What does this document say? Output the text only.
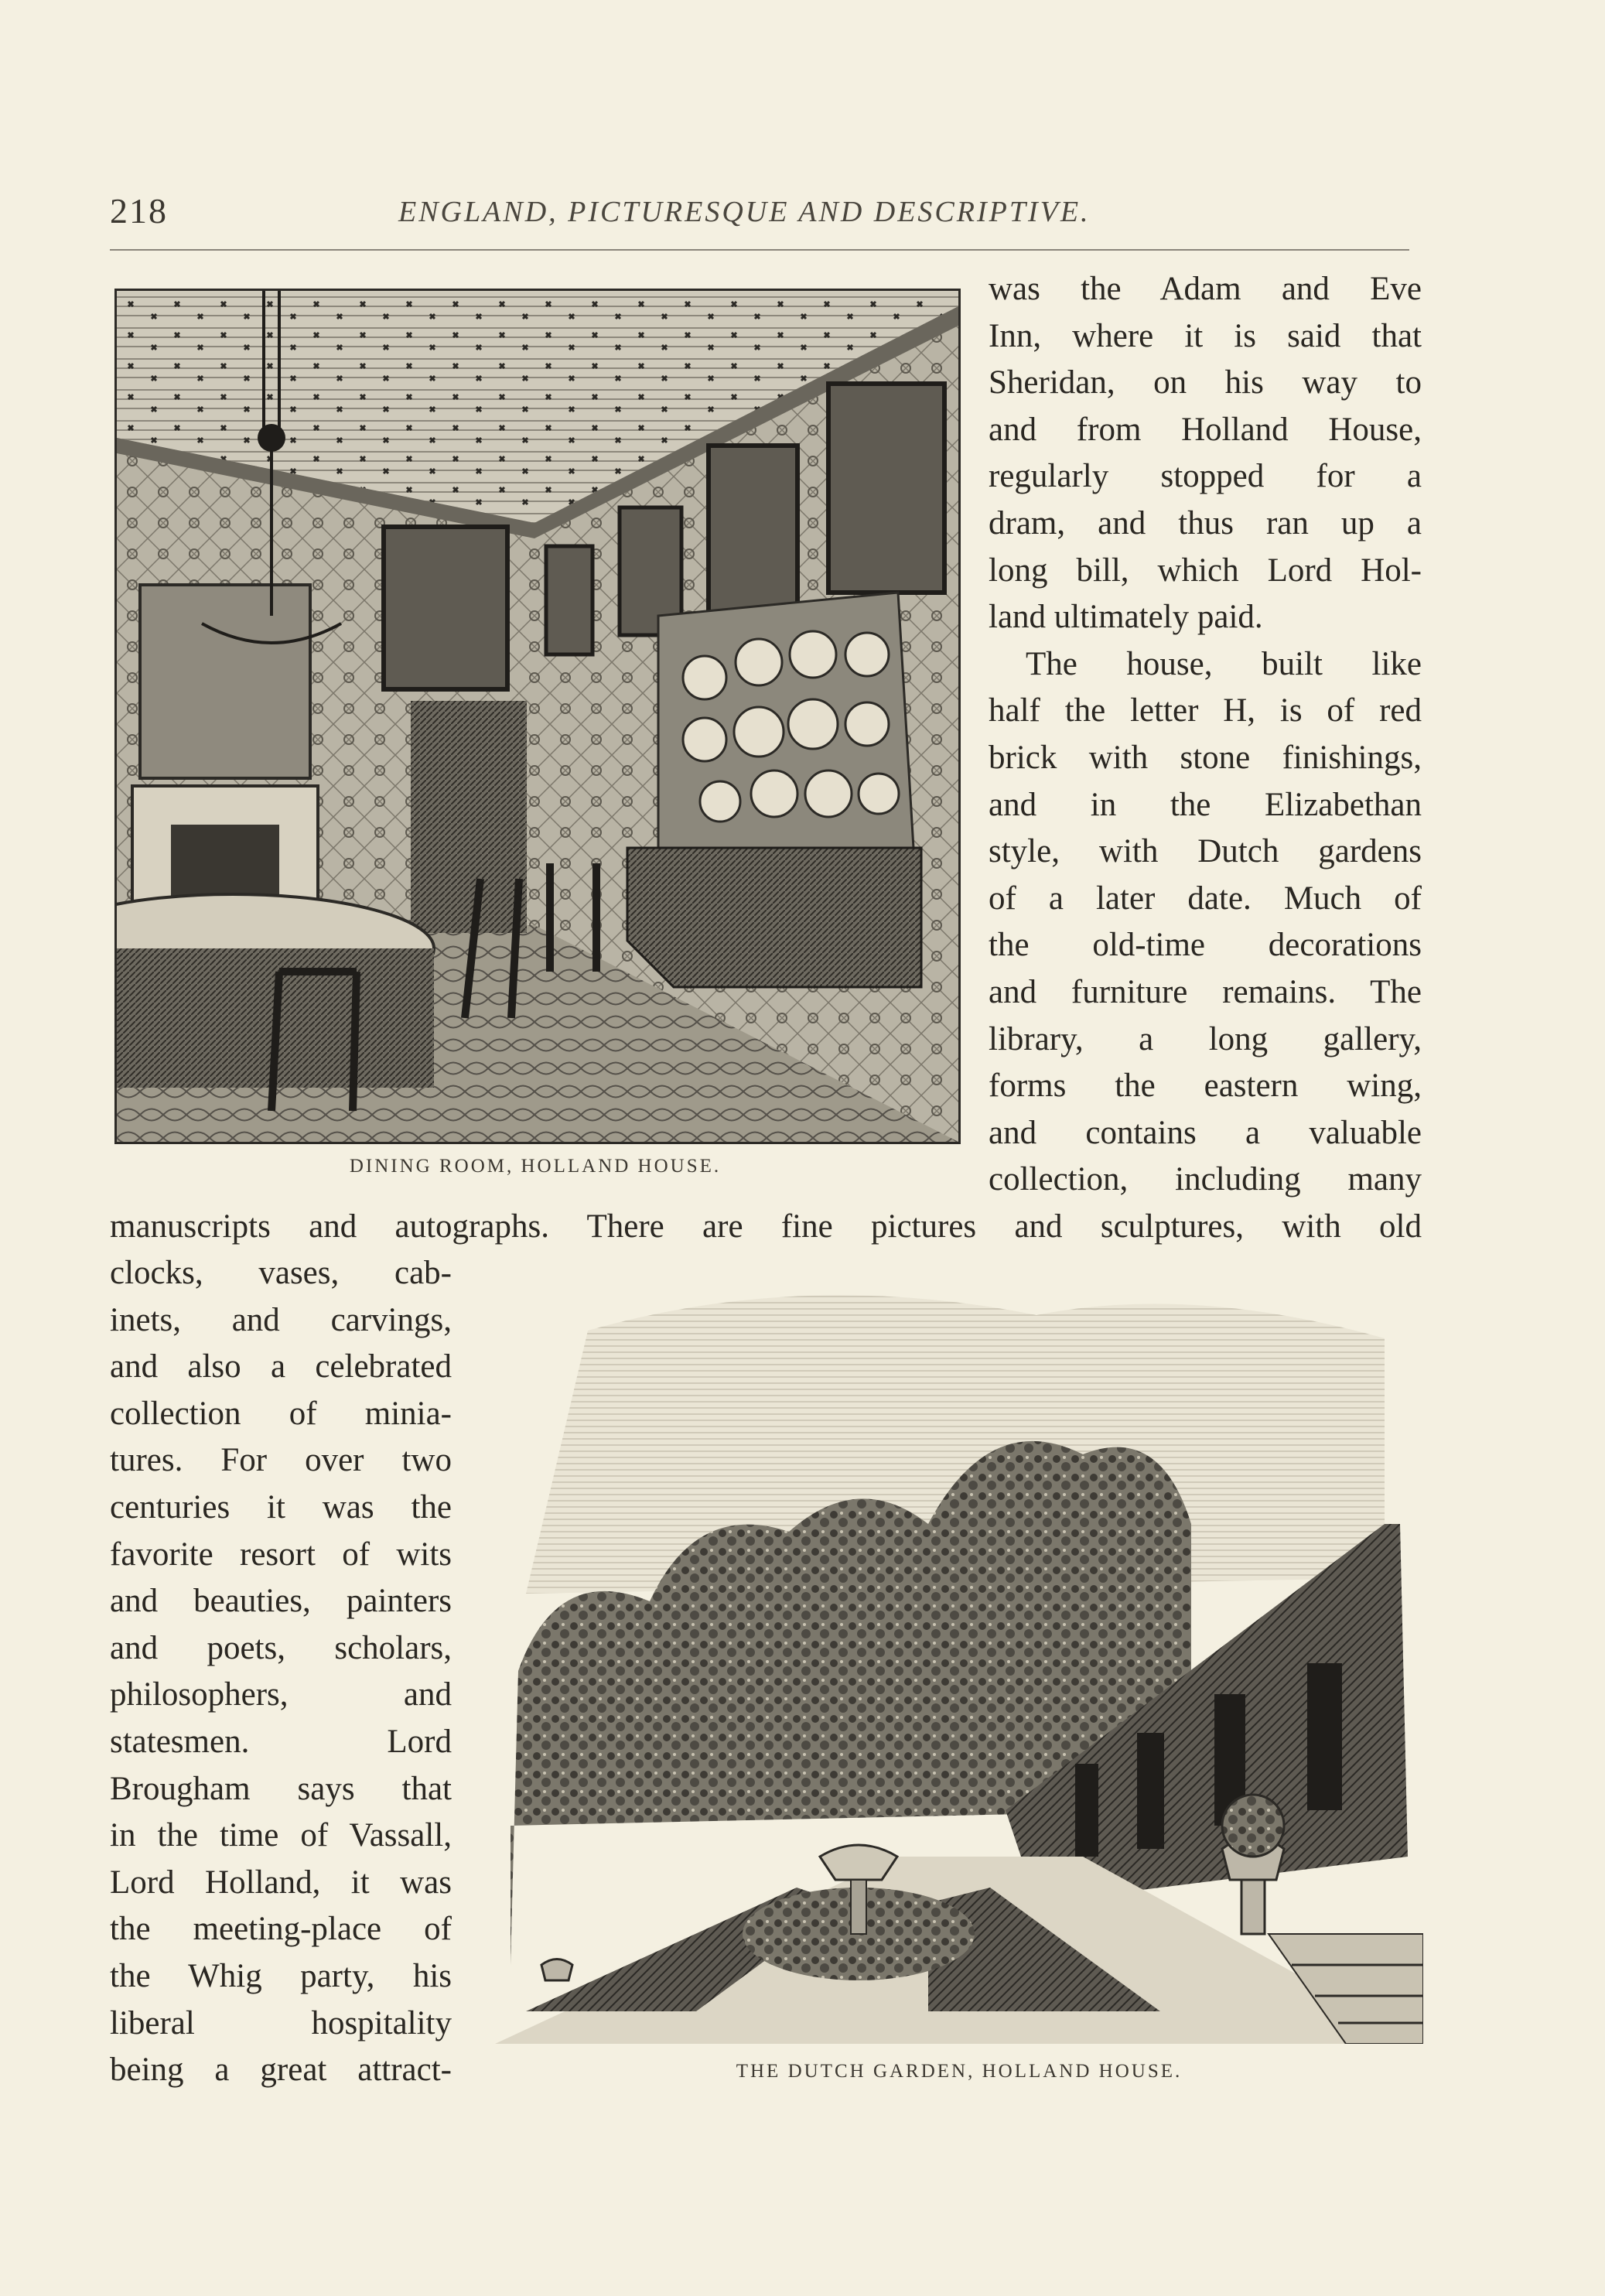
218	ENGLAND, PICTURESQUE AND DESCRIPTIVE.
DINING ROOM, HOLLAND HOUSE.
was the Adam and Eve
Inn, where it is said that
Sheridan, on his way to
and from Holland House,
regularly stopped for a
dram, and thus ran up a
long bill, which Lord Hol-
land ultimately paid.
The house, built like
half the letter H, is of red
brick with stone finishings,
and in the Elizabethan
style, with Dutch gardens
of a later date. Much of
the old-time decorations
and furniture remains. The
library, a long gallery,
forms the eastern wing,
and contains a valuable
collection, including many
manuscripts and autographs. There are fine pictures and sculptures, with old
clocks, vases, cab-
inets, and carvings,
and also a celebrated
collection of minia-
tures. For over two
centuries it was the
favorite resort of wits
and beauties, painters
and poets, scholars,
philosophers, and
statesmen. Lord
Brougham says that
in the time of Vassall,
Lord Holland, it was
the meeting-place of
the Whig party, his
liberal hospitality
being a great attract-	THE DUTCH GARDEN, HOLLAND HOUSE.
